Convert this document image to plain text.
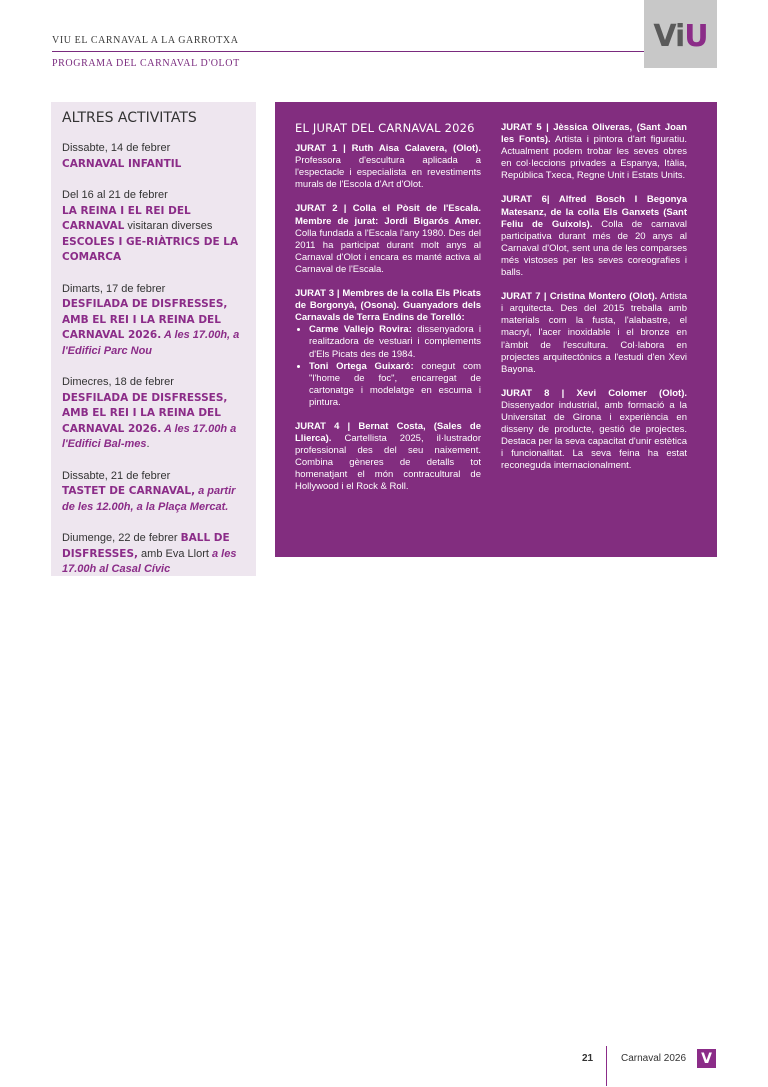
VIU EL CARNAVAL A LA GARROTXA
PROGRAMA DEL CARNAVAL D'OLOT
ViU
ALTRES ACTIVITATS
Dissabte, 14 de febrer
CARNAVAL INFANTIL
Del 16 al 21 de febrer
LA REINA I EL REI DEL CARNAVAL visitaran diverses ESCOLES I GE-RIÀTRICS DE LA COMARCA
Dimarts, 17 de febrer
DESFILADA DE DISFRESSES, AMB EL REI I LA REINA DEL CARNAVAL 2026. A les 17.00h, a l'Edifici Parc Nou
Dimecres, 18 de febrer
DESFILADA DE DISFRESSES, AMB EL REI I LA REINA DEL CARNAVAL 2026. A les 17.00h a l'Edifici Bal-mes.
Dissabte, 21 de febrer
TASTET DE CARNAVAL, a partir de les 12.00h, a la Plaça Mercat.
Diumenge, 22 de febrer BALL DE DISFRESSES, amb Eva Llort a les 17.00h al Casal Cívic
EL JURAT DEL CARNAVAL 2026
JURAT 1 | Ruth Aisa Calavera, (Olot). Professora d'escultura aplicada a l'espectacle i especialista en revestiments murals de l'Escola d'Art d'Olot.
JURAT 2 | Colla el Pòsit de l'Escala. Membre de jurat: Jordi Bigarós Amer. Colla fundada a l'Escala l'any 1980. Des del 2011 ha participat durant molt anys al Carnaval d'Olot i encara es manté activa al Carnaval de l'Escala.
JURAT 3 | Membres de la colla Els Picats de Borgonyà, (Osona). Guanyadors dels Carnavals de Terra Endins de Torelló:
• Carme Vallejo Rovira: dissenyadora i realitzadora de vestuari i complements d'Els Picats des de 1984.
• Toni Ortega Guixaró: conegut com "l'home de foc", encarregat de cartonatge i modelatge en escuma i pintura.
JURAT 4 | Bernat Costa, (Sales de Llierca). Cartellista 2025, il·lustrador professional des del seu naixement. Combina gèneres de detalls tot homenatjant el món contracultural de Hollywood i el Rock & Roll.
JURAT 5 | Jèssica Oliveras, (Sant Joan les Fonts). Artista i pintora d'art figuratiu. Actualment podem trobar les seves obres en col·leccions privades a Espanya, Itàlia, República Txeca, Regne Unit i Estats Units.
JURAT 6| Alfred Bosch I Begonya Matesanz, de la colla Els Ganxets (Sant Feliu de Guíxols). Colla de carnaval participativa durant més de 20 anys al Carnaval d'Olot, sent una de les comparses més vistoses per les seves coreografies i balls.
JURAT 7 | Cristina Montero (Olot). Artista i arquitecta. Des del 2015 treballa amb materials com la fusta, l'alabastre, el macryl, l'acer inoxidable i el bronze en l'àmbit de l'escultura. Col·labora en projectes arquitectònics a l'estudi d'en Xevi Bayona.
JURAT 8 | Xevi Colomer (Olot). Dissenyador industrial, amb formació a la Universitat de Girona i experiència en disseny de producte, gestió de projectes. Destaca per la seva capacitat d'unir estètica i funcionalitat. La seva feina ha estat reconeguda internacionalment.
21	Carnaval 2026 V
